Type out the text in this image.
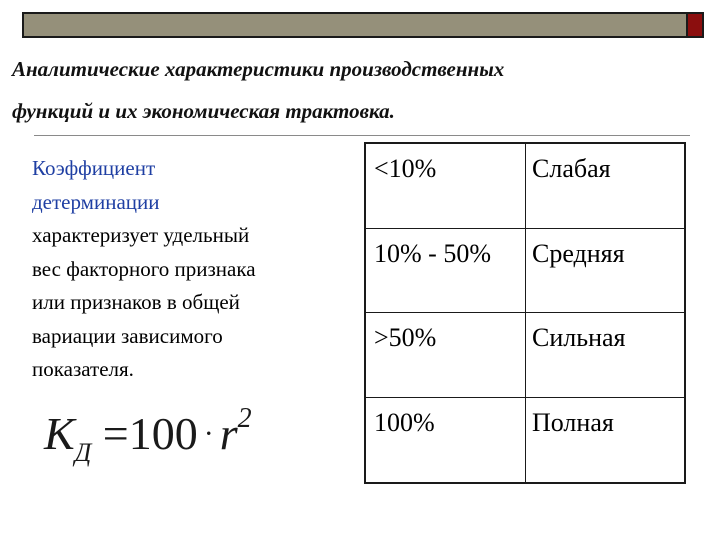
Аналитические характеристики производственных
функций и их экономическая трактовка.
Коэффициент
детерминации
характеризует удельный
вес факторного признака
или признаков в общей
вариации зависимого
показателя.
$K_Д =100 \cdot r^2$
<10%	Слабая
10% - 50%	Средняя
>50%	Сильная
100%	Полная
